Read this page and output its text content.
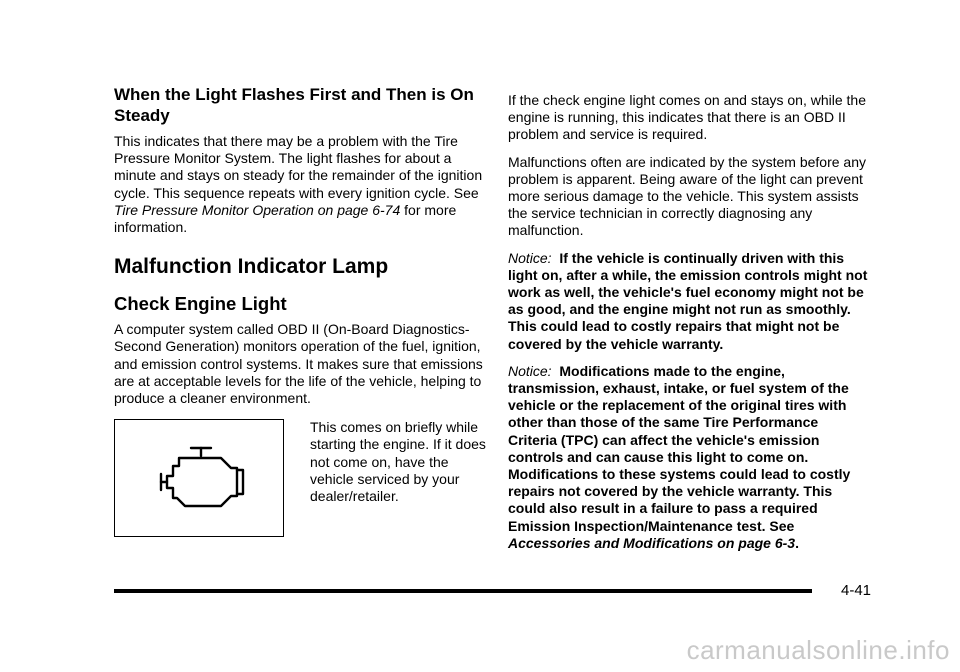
When the Light Flashes First and Then is On Steady

This indicates that there may be a problem with the Tire Pressure Monitor System. The light flashes for about a minute and stays on steady for the remainder of the ignition cycle. This sequence repeats with every ignition cycle. See Tire Pressure Monitor Operation on page 6-74 for more information.

Malfunction Indicator Lamp
Check Engine Light

A computer system called OBD II (On-Board Diagnostics-Second Generation) monitors operation of the fuel, ignition, and emission control systems. It makes sure that emissions are at acceptable levels for the life of the vehicle, helping to produce a cleaner environment.

This comes on briefly while starting the engine. If it does not come on, have the vehicle serviced by your dealer/retailer.

If the check engine light comes on and stays on, while the engine is running, this indicates that there is an OBD II problem and service is required.

Malfunctions often are indicated by the system before any problem is apparent. Being aware of the light can prevent more serious damage to the vehicle. This system assists the service technician in correctly diagnosing any malfunction.

Notice: If the vehicle is continually driven with this light on, after a while, the emission controls might not work as well, the vehicle's fuel economy might not be as good, and the engine might not run as smoothly. This could lead to costly repairs that might not be covered by the vehicle warranty.

Notice: Modifications made to the engine, transmission, exhaust, intake, or fuel system of the vehicle or the replacement of the original tires with other than those of the same Tire Performance Criteria (TPC) can affect the vehicle's emission controls and can cause this light to come on. Modifications to these systems could lead to costly repairs not covered by the vehicle warranty. This could also result in a failure to pass a required Emission Inspection/Maintenance test. See Accessories and Modifications on page 6-3.

4-41
carmanualsonline.info
